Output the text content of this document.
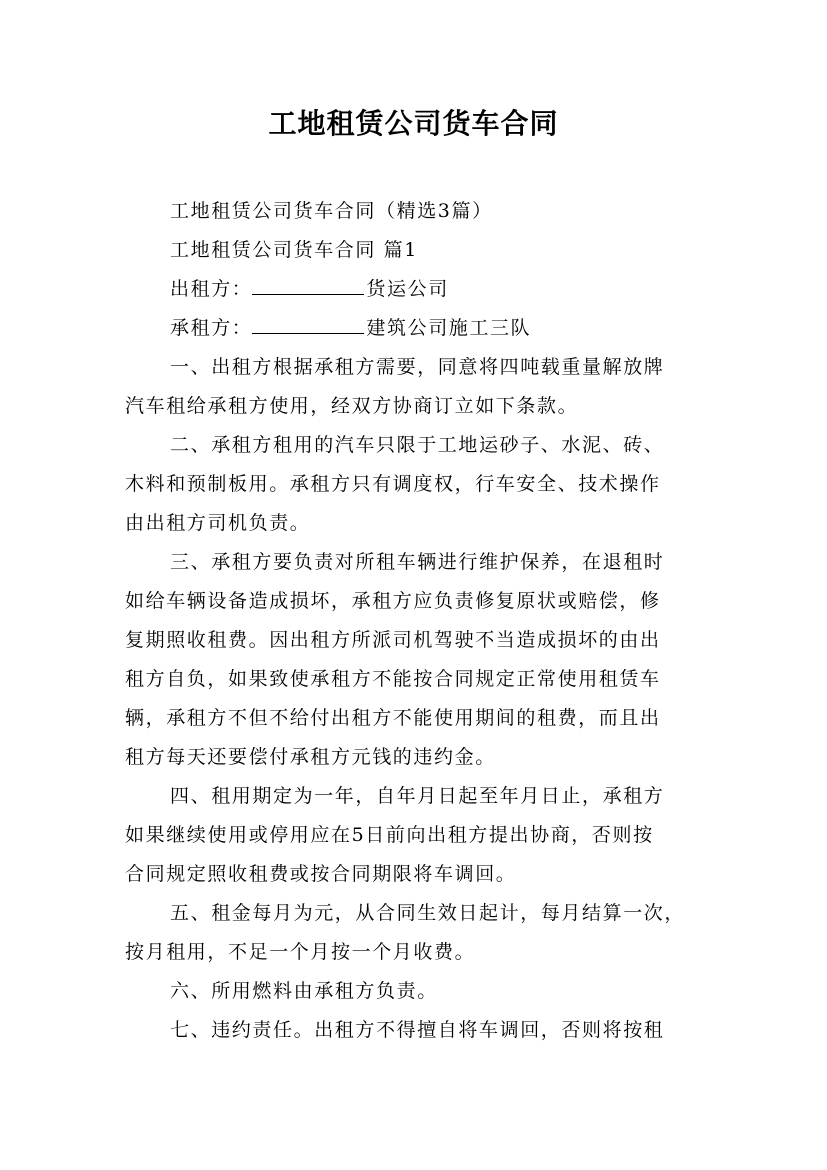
工地租赁公司货车合同
工地租赁公司货车合同（精选3篇）
工地租赁公司货车合同 篇1
出租方：	货运公司
承租方：	建筑公司施工三队
一、出租方根据承租方需要，同意将四吨载重量解放牌
汽车租给承租方使用，经双方协商订立如下条款。
二、承租方租用的汽车只限于工地运砂子、水泥、砖、
木料和预制板用。承租方只有调度权，行车安全、技术操作
由出租方司机负责。
三、承租方要负责对所租车辆进行维护保养，在退租时
如给车辆设备造成损坏，承租方应负责修复原状或赔偿，修
复期照收租费。因出租方所派司机驾驶不当造成损坏的由出
租方自负，如果致使承租方不能按合同规定正常使用租赁车
辆，承租方不但不给付出租方不能使用期间的租费，而且出
租方每天还要偿付承租方元钱的违约金。
四、租用期定为一年，自年月日起至年月日止，承租方
如果继续使用或停用应在5日前向出租方提出协商，否则按
合同规定照收租费或按合同期限将车调回。
五、租金每月为元，从合同生效日起计，每月结算一次，
按月租用，不足一个月按一个月收费。
六、所用燃料由承租方负责。
七、违约责任。出租方不得擅自将车调回，否则将按租
